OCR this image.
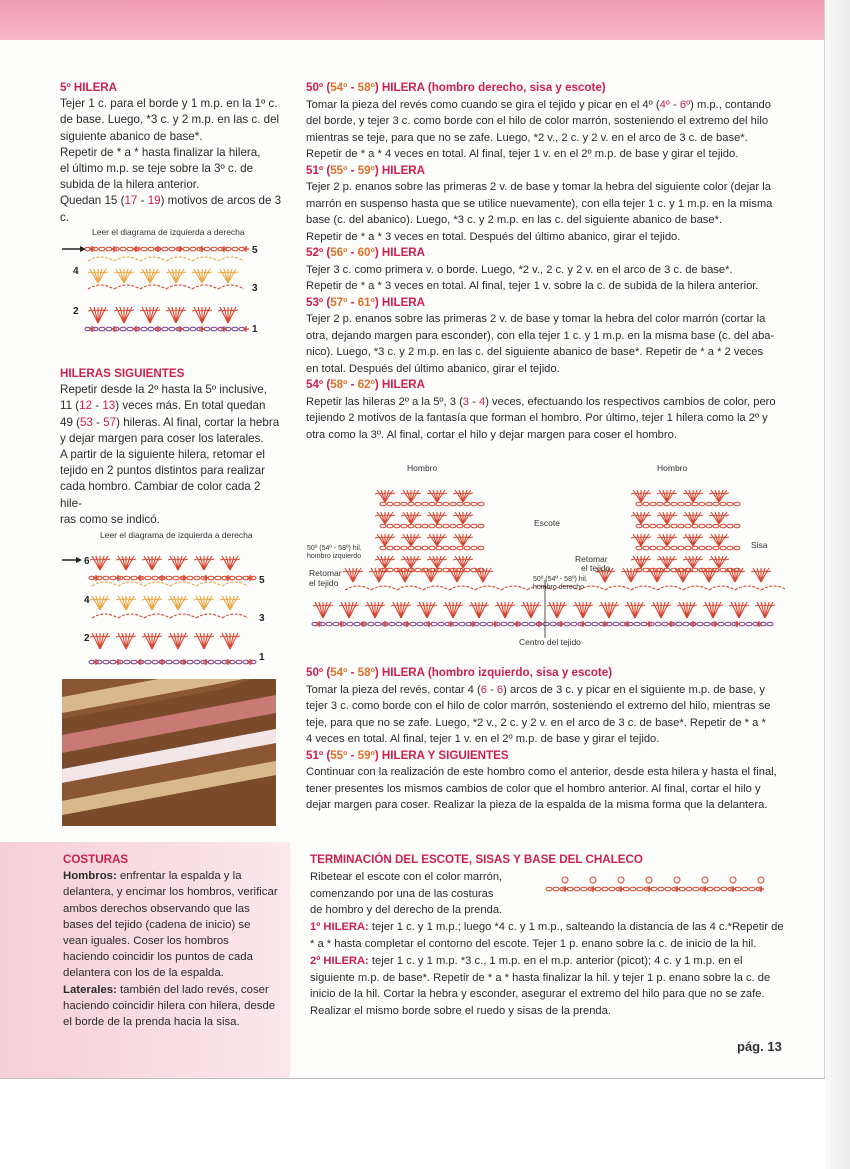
5º HILERA
Tejer 1 c. para el borde y 1 m.p. en la 1º c.
de base. Luego, *3 c. y 2 m.p. en las c. del
siguiente abanico de base*.
Repetir de * a * hasta finalizar la hilera,
el último m.p. se teje sobre la 3º c. de
subida de la hilera anterior.
Quedan 15 (17 - 19) motivos de arcos de 3 c.
Leer el diagrama de izquierda a derecha
5
4
3
2
1
HILERAS SIGUIENTES
Repetir desde la 2º hasta la 5º inclusive,
11 (12 - 13) veces más. En total quedan
49 (53 - 57) hileras. Al final, cortar la hebra
y dejar margen para coser los laterales.
A partir de la siguiente hilera, retomar el
tejido en 2 puntos distintos para realizar
cada hombro. Cambiar de color cada 2 hile-
ras como se indicó.
Leer el diagrama de izquierda a derecha
6
5
4
3
2
1
50º (54º - 58º) HILERA (hombro derecho, sisa y escote)
Tomar la pieza del revés como cuando se gira el tejido y picar en el 4º (4º - 6º) m.p., contando
del borde, y tejer 3 c. como borde con el hilo de color marrón, sosteniendo el extremo del hilo
mientras se teje, para que no se zafe. Luego, *2 v., 2 c. y 2 v. en el arco de 3 c. de base*.
Repetir de * a * 4 veces en total. Al final, tejer 1 v. en el 2º m.p. de base y girar el tejido.
51º (55º - 59º) HILERA
Tejer 2 p. enanos sobre las primeras 2 v. de base y tomar la hebra del siguiente color (dejar la
marrón en suspenso hasta que se utilice nuevamente), con ella tejer 1 c. y 1 m.p. en la misma
base (c. del abanico). Luego, *3 c. y 2 m.p. en las c. del siguiente abanico de base*.
Repetir de * a * 3 veces en total. Después del último abanico, girar el tejido.
52º (56º - 60º) HILERA
Tejer 3 c. como primera v. o borde. Luego, *2 v., 2 c. y 2 v. en el arco de 3 c. de base*.
Repetir de * a * 3 veces en total. Al final, tejer 1 v. sobre la c. de subida de la hilera anterior.
53º (57º - 61º) HILERA
Tejer 2 p. enanos sobre las primeras 2 v. de base y tomar la hebra del color marrón (cortar la
otra, dejando margen para esconder), con ella tejer 1 c. y 1 m.p. en la misma base (c. del aba-
nico). Luego, *3 c. y 2 m.p. en las c. del siguiente abanico de base*. Repetir de * a * 2 veces
en total. Después del último abanico, girar el tejido.
54º (58º - 62º) HILERA
Repetir las hileras 2º a la 5º, 3 (3 - 4) veces, efectuando los respectivos cambios de color, pero
tejiendo 2 motivos de la fantasía que forman el hombro. Por último, tejer 1 hilera como la 2º y
otra como la 3º. Al final, cortar el hilo y dejar margen para coser el hombro.
Hombro	Hombro
Escote
Sisa
50º (54º - 58º) hil.
hombro izquierdo
Retomar
el tejido
Retomar
el tejido
50º (54º - 58º) hil.
hombro derecho
Centro del tejido
50º (54º - 58º) HILERA (hombro izquierdo, sisa y escote)
Tomar la pieza del revés, contar 4 (6 - 6) arcos de 3 c. y picar en el siguiente m.p. de base, y
tejer 3 c. como borde con el hilo de color marrón, sosteniendo el extremo del hilo, mientras se
teje, para que no se zafe. Luego, *2 v., 2 c. y 2 v. en el arco de 3 c. de base*. Repetir de * a *
4 veces en total. Al final, tejer 1 v. en el 2º m.p. de base y girar el tejido.
51º (55º - 59º) HILERA Y SIGUIENTES
Continuar con la realización de este hombro como el anterior, desde esta hilera y hasta el final,
tener presentes los mismos cambios de color que el hombro anterior. Al final, cortar el hilo y
dejar margen para coser. Realizar la pieza de la espalda de la misma forma que la delantera.
COSTURAS
Hombros: enfrentar la espalda y la delantera, y encimar los hombros, verificar ambos derechos observando que las bases del tejido (cadena de inicio) se vean iguales. Coser los hombros haciendo coincidir los puntos de cada delantera con los de la espalda.
Laterales: también del lado revés, coser haciendo coincidir hilera con hilera, desde el borde de la prenda hacia la sisa.
TERMINACIÓN DEL ESCOTE, SISAS Y BASE DEL CHALECO
Ribetear el escote con el color marrón,
comenzando por una de las costuras
de hombro y del derecho de la prenda.
1º HILERA: tejer 1 c. y 1 m.p.; luego *4 c. y 1 m.p., salteando la distancia de las 4 c.*Repetir de * a * hasta completar el contorno del escote. Tejer 1 p. enano sobre la c. de inicio de la hil.
2º HILERA: tejer 1 c. y 1 m.p. *3 c., 1 m.p. en el m.p. anterior (picot); 4 c. y 1 m.p. en el siguiente m.p. de base*. Repetir de * a * hasta finalizar la hil. y tejer 1 p. enano sobre la c. de inicio de la hil. Cortar la hebra y esconder, asegurar el extremo del hilo para que no se zafe. Realizar el mismo borde sobre el ruedo y sisas de la prenda.
pág. 13
